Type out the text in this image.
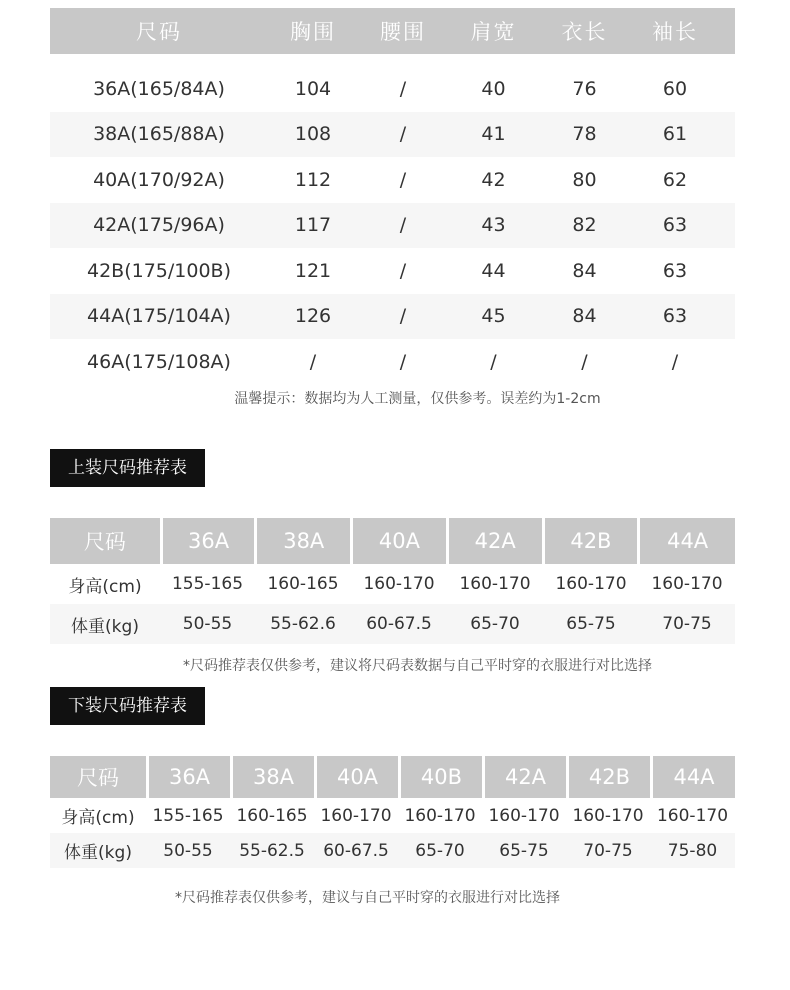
尺码	胸围	腰围	肩宽	衣长	袖长
36A(165/84A)	104	/	40	76	60
38A(165/88A)	108	/	41	78	61
40A(170/92A)	112	/	42	80	62
42A(175/96A)	117	/	43	82	63
42B(175/100B)	121	/	44	84	63
44A(175/104A)	126	/	45	84	63
46A(175/108A)	/	/	/	/	/
温馨提示：数据均为人工测量，仅供参考。误差约为1-2cm
上装尺码推荐表
尺码	36A	38A	40A	42A	42B	44A
身高(cm)	155-165	160-165	160-170	160-170	160-170	160-170
体重(kg)	50-55	55-62.6	60-67.5	65-70	65-75	70-75
*尺码推荐表仅供参考，建议将尺码表数据与自己平时穿的衣服进行对比选择
下装尺码推荐表
尺码	36A	38A	40A	40B	42A	42B	44A
身高(cm)	155-165 160-165 160-170 160-170 160-170 160-170 160-170
体重(kg)	50-55	55-62.5	60-67.5	65-70	65-75	70-75	75-80
*尺码推荐表仅供参考，建议与自己平时穿的衣服进行对比选择
